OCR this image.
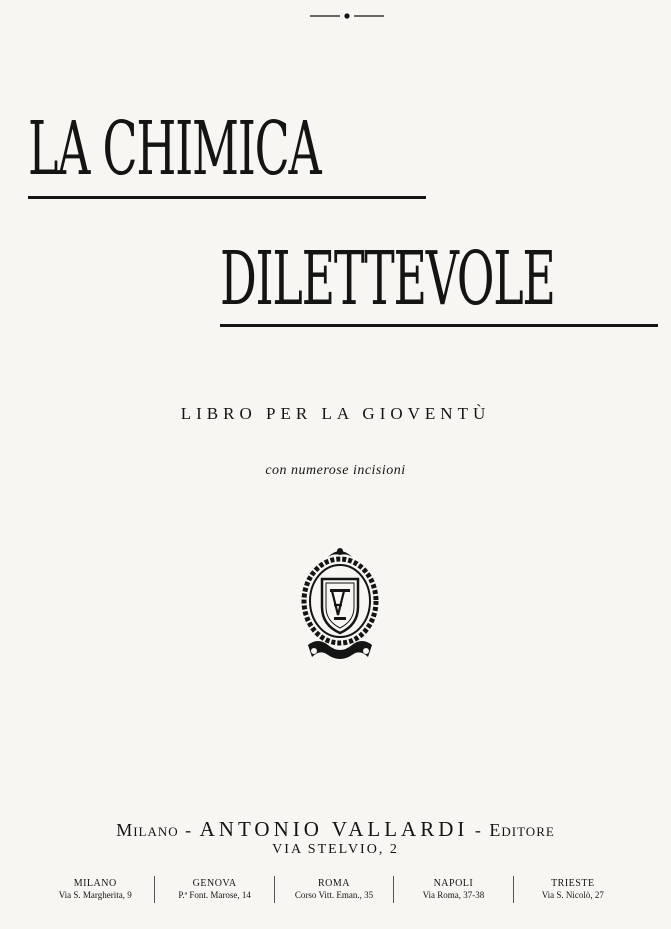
LA CHIMICA
DILETTEVOLE
LIBRO PER LA GIOVENTÙ
con numerose incisioni
Milano - ANTONIO VALLARDI - Editore
VIA STELVIO, 2
MILANO
Via S. Margherita, 9
GENOVA
P.ª Font. Marose, 14
ROMA
Corso Vitt. Eman., 35
NAPOLI
Via Roma, 37-38
TRIESTE
Via S. Nicolò, 27
